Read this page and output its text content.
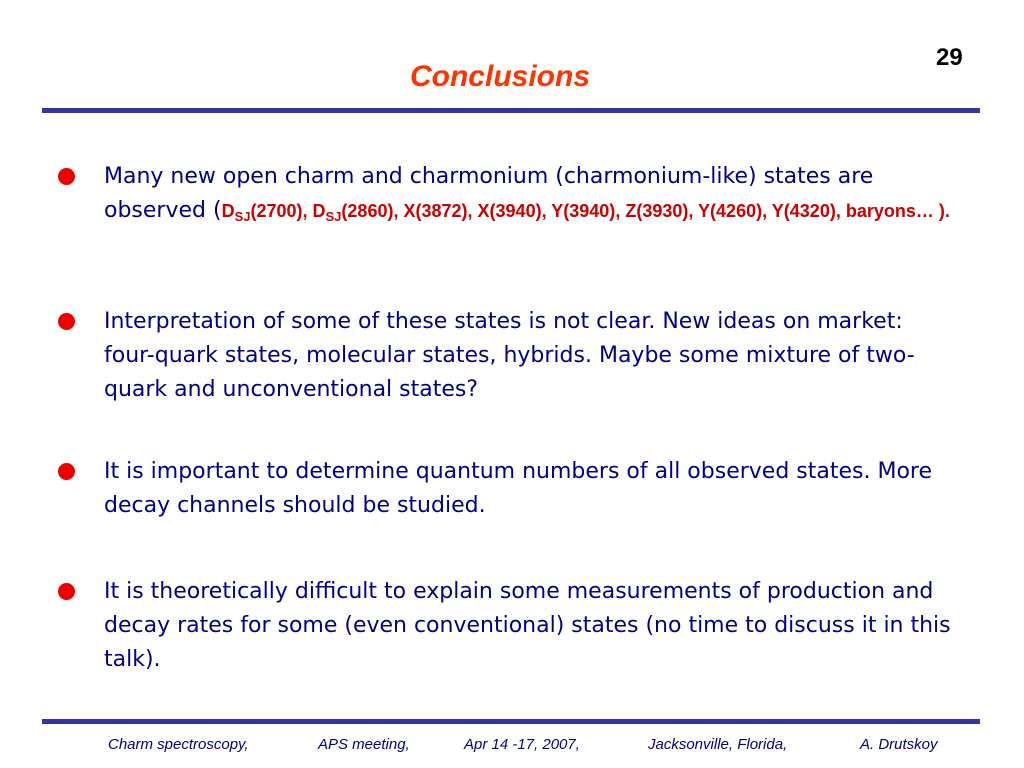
29
Conclusions
Many new open charm and charmonium (charmonium-like) states are observed ($D_{SJ}(2700)$, $D_{SJ}(2860)$, X(3872), X(3940), Y(3940), Z(3930), Y(4260), Y(4320), baryons… ).
Interpretation of some of these states is not clear. New ideas on market: four-quark states, molecular states, hybrids. Maybe some mixture of two-quark and unconventional states?
It is important to determine quantum numbers of all observed states. More decay channels should be studied.
It is theoretically difficult to explain some measurements of production and decay rates for some (even conventional) states (no time to discuss it in this talk).
Charm spectroscopy,	APS meeting,	Apr 14 -17, 2007,	Jacksonville, Florida,	A. Drutskoy
